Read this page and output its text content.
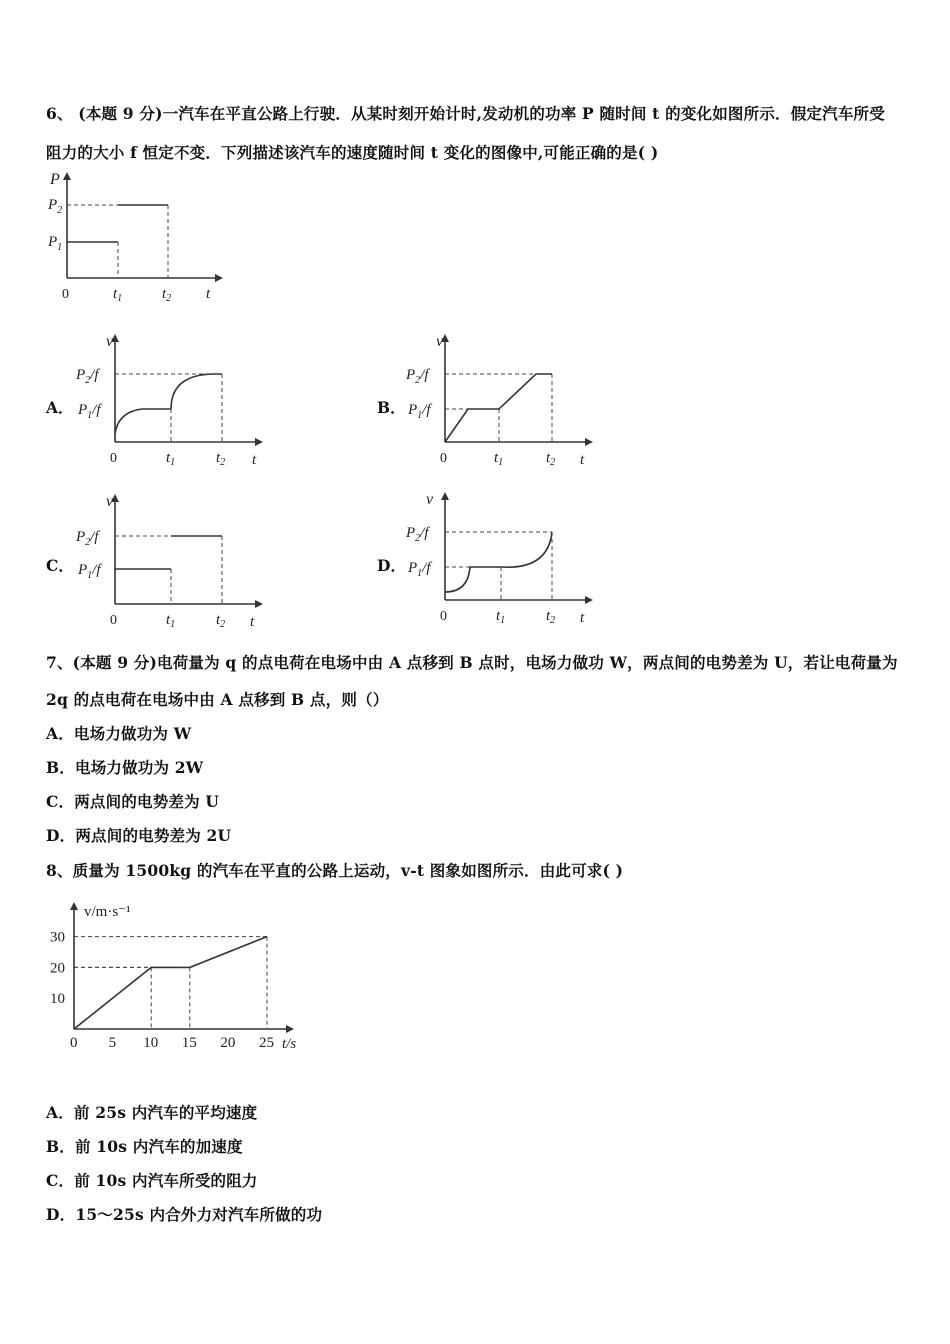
6、 (本题 9 分)一汽车在平直公路上行驶．从某时刻开始计时,发动机的功率 P 随时间 t 的变化如图所示．假定汽车所受
阻力的大小 f 恒定不变．下列描述该汽车的速度随时间 t 变化的图像中,可能正确的是( )
P
$P_2$
$P_1$
0	$t_1$	$t_2$ t
A．	B．
C．	D．
v
$P_2/f$
$P_1/f$
0	$t_1$	$t_2$ t
v
$P_2/f$
$P_1/f$
0	$t_1$	$t_2$ t
v
$P_2/f$
$P_1/f$
0	$t_1$	$t_2$ t
v
$P_2/f$
$P_1/f$
0	$t_1$	$t_2$ t
7、(本题 9 分)电荷量为 q 的点电荷在电场中由 A 点移到 B 点时，电场力做功 W，两点间的电势差为 U，若让电荷量为
2q 的点电荷在电场中由 A 点移到 B 点，则（）
A．电场力做功为 W
B．电场力做功为 2W
C．两点间的电势差为 U
D．两点间的电势差为 2U
8、质量为 1500kg 的汽车在平直的公路上运动，v-t 图象如图所示．由此可求( )
0 5 10 15 20 25
10
20
30
v/m·s⁻¹
t/s
A．前 25s 内汽车的平均速度
B．前 10s 内汽车的加速度
C．前 10s 内汽车所受的阻力
D．15～25s 内合外力对汽车所做的功
